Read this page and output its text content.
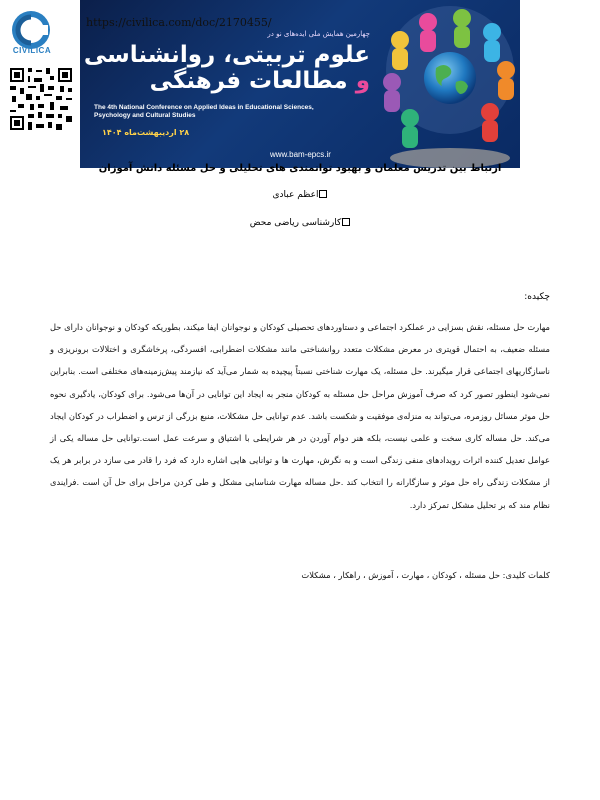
CIVILICA
https://civilica.com/doc/2170455/
چهارمین همایش ملی ایده‌های نو در
علوم تربیتی، روانشناسی
و مطالعات فرهنگی
The 4th National Conference on Applied Ideas in Educational Sciences, Psychology and Cultural Studies
۲۸ اردیبهشت‌ماه ۱۴۰۴
www.bam-epcs.ir
ارتباط بین تدریس معلمان و بهبود توانمندی های تحلیلی و حل مسئله دانش آموزان
اعظم عبادی
کارشناسی ریاضی محض
چکیده:
مهارت حل مسئله، نقش بسزایی در عملکرد اجتماعی و دستاوردهای تحصیلی کودکان و نوجوانان ایفا میکند، بطوریکه کودکان و نوجوانان دارای حل مسئله ضعیف، به احتمال قویتری در معرض مشکلات متعدد روانشناختی مانند مشکلات اضطرابی، افسردگی، پرخاشگری و اختلالات برونریزی و ناسازگاریهای اجتماعی قرار میگیرند. حل مسئله، یک مهارت شناختی نسبتاً پیچیده به شمار می‌آید که نیازمند پیش‌زمینه‌های مختلفی است. بنابراین نمی‌شود اینطور تصور کرد که صرف آموزش مراحل حل مسئله به کودکان منجر به ایجاد این توانایی در آن‌ها می‌شود. برای کودکان، یادگیری نحوه حل موثر مسائل روزمره، می‌تواند به منزله‌ی موفقیت و شکست باشد. عدم توانایی حل مشکلات، منبع بزرگی از ترس و اضطراب در کودکان ایجاد می‌کند. حل مساله کاری سخت و علمی نیست، بلکه هنر دوام آوردن در هر شرایطی با اشتیاق و سرعت عمل است.توانایی حل مساله یکی از عوامل تعدیل کننده اثرات رویدادهای منفی زندگی است و به نگرش، مهارت ها و توانایی هایی اشاره دارد که فرد را قادر می سازد در برابر هر یک از مشکلات زندگی راه حل موثر و سازگارانه را انتخاب کند .حل مساله مهارت شناسایی مشکل و طی کردن مراحل برای حل آن است .فرایندی نظام مند که بر تحلیل مشکل تمرکز دارد.
کلمات کلیدی: حل مسئله ، کودکان ، مهارت ، آموزش ، راهکار ، مشکلات
